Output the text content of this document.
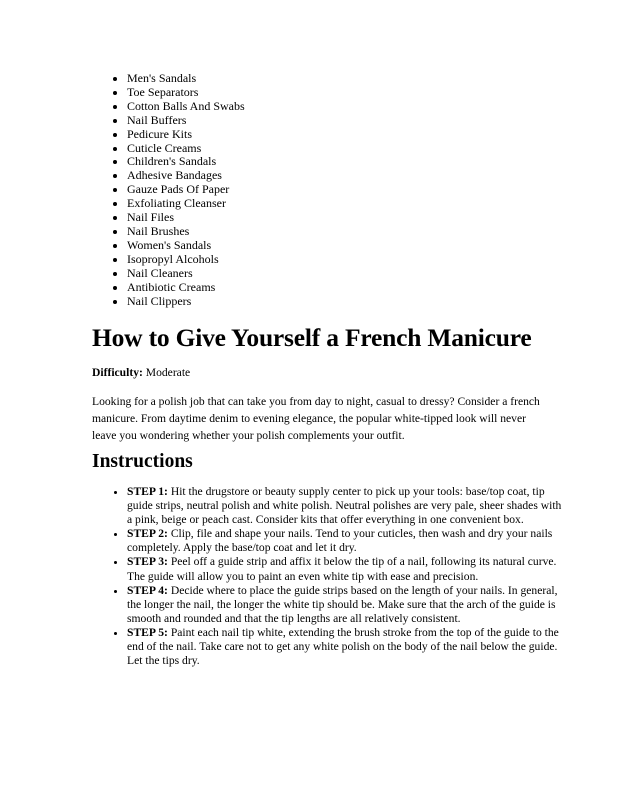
• Men's Sandals
• Toe Separators
• Cotton Balls And Swabs
• Nail Buffers
• Pedicure Kits
• Cuticle Creams
• Children's Sandals
• Adhesive Bandages
• Gauze Pads Of Paper
• Exfoliating Cleanser
• Nail Files
• Nail Brushes
• Women's Sandals
• Isopropyl Alcohols
• Nail Cleaners
• Antibiotic Creams
• Nail Clippers
How to Give Yourself a French Manicure

Difficulty: Moderate

Looking for a polish job that can take you from day to night, casual to dressy? Consider a french manicure. From daytime denim to evening elegance, the popular white-tipped look will never leave you wondering whether your polish complements your outfit.

Instructions
• STEP 1: Hit the drugstore or beauty supply center to pick up your tools: base/top coat, tip guide strips, neutral polish and white polish. Neutral polishes are very pale, sheer shades with a pink, beige or peach cast. Consider kits that offer everything in one convenient box.
• STEP 2: Clip, file and shape your nails. Tend to your cuticles, then wash and dry your nails completely. Apply the base/top coat and let it dry.
• STEP 3: Peel off a guide strip and affix it below the tip of a nail, following its natural curve. The guide will allow you to paint an even white tip with ease and precision.
• STEP 4: Decide where to place the guide strips based on the length of your nails. In general, the longer the nail, the longer the white tip should be. Make sure that the arch of the guide is smooth and rounded and that the tip lengths are all relatively consistent.
• STEP 5: Paint each nail tip white, extending the brush stroke from the top of the guide to the end of the nail. Take care not to get any white polish on the body of the nail below the guide. Let the tips dry.
